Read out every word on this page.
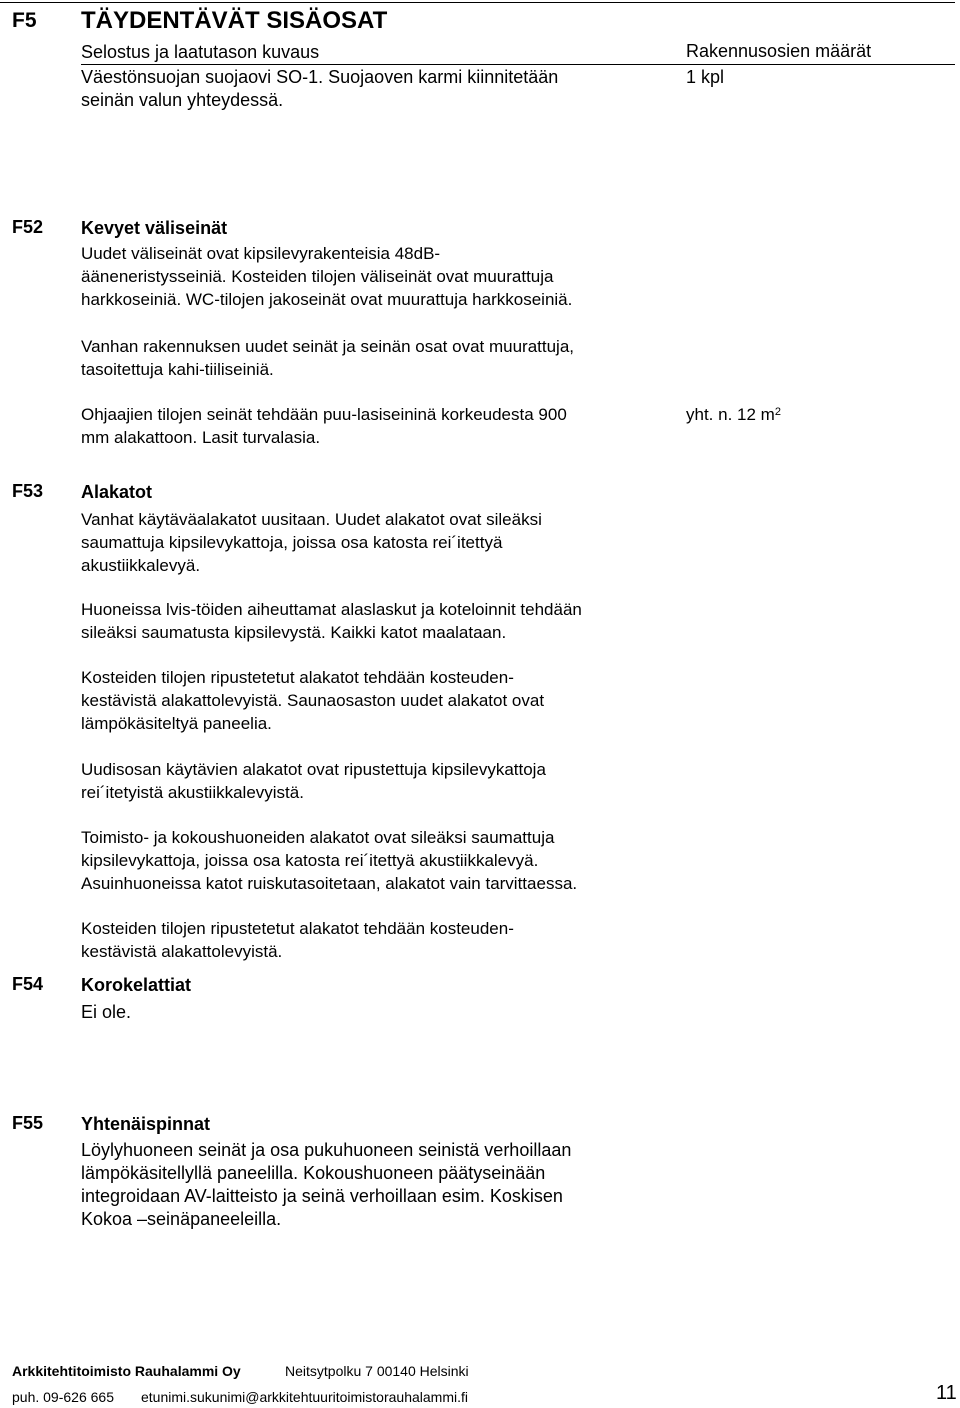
F5 TÄYDENTÄVÄT SISÄOSAT
Selostus ja laatutason kuvaus	Rakennusosien määrät
Väestönsuojan suojaovi SO-1. Suojaoven karmi kiinnitetään
seinän valun yhteydessä.
1 kpl
F52 Kevyet väliseinät
Uudet väliseinät ovat kipsilevyrakenteisia 48dB-
ääneneristysseiniä. Kosteiden tilojen väliseinät ovat muurattuja
harkkoseiniä. WC-tilojen jakoseinät ovat muurattuja harkkoseiniä.
Vanhan rakennuksen uudet seinät ja seinän osat ovat muurattuja,
tasoitettuja kahi-tiiliseiniä.
Ohjaajien tilojen seinät tehdään puu-lasiseininä korkeudesta 900
mm alakattoon. Lasit turvalasia.
yht. n. 12 $m^2$
F53 Alakatot
Vanhat käytäväalakatot uusitaan. Uudet alakatot ovat sileäksi
saumattuja kipsilevykattoja, joissa osa katosta rei´itettyä
akustiikkalevyä.
Huoneissa lvis-töiden aiheuttamat alaslaskut ja koteloinnit tehdään
sileäksi saumatusta kipsilevystä. Kaikki katot maalataan.
Kosteiden tilojen ripustetetut alakatot tehdään kosteuden-
kestävistä alakattolevyistä. Saunaosaston uudet alakatot ovat
lämpökäsiteltyä paneelia.
Uudisosan käytävien alakatot ovat ripustettuja kipsilevykattoja
rei´itetyistä akustiikkalevyistä.
Toimisto- ja kokoushuoneiden alakatot ovat sileäksi saumattuja
kipsilevykattoja, joissa osa katosta rei´itettyä akustiikkalevyä.
Asuinhuoneissa katot ruiskutasoitetaan, alakatot vain tarvittaessa.
Kosteiden tilojen ripustetetut alakatot tehdään kosteuden-
kestävistä alakattolevyistä.
F54 Korokelattiat
Ei ole.
F55 Yhtenäispinnat
Löylyhuoneen seinät ja osa pukuhuoneen seinistä verhoillaan
lämpökäsitellyllä paneelilla. Kokoushuoneen päätyseinään
integroidaan AV-laitteisto ja seinä verhoillaan esim. Koskisen
Kokoa –seinäpaneeleilla.
Arkkitehtitoimisto Rauhalammi Oy	Neitsytpolku 7 00140 Helsinki
puh. 09-626 665 etunimi.sukunimi@arkkitehtuuritoimistorauhalammi.fi	11
